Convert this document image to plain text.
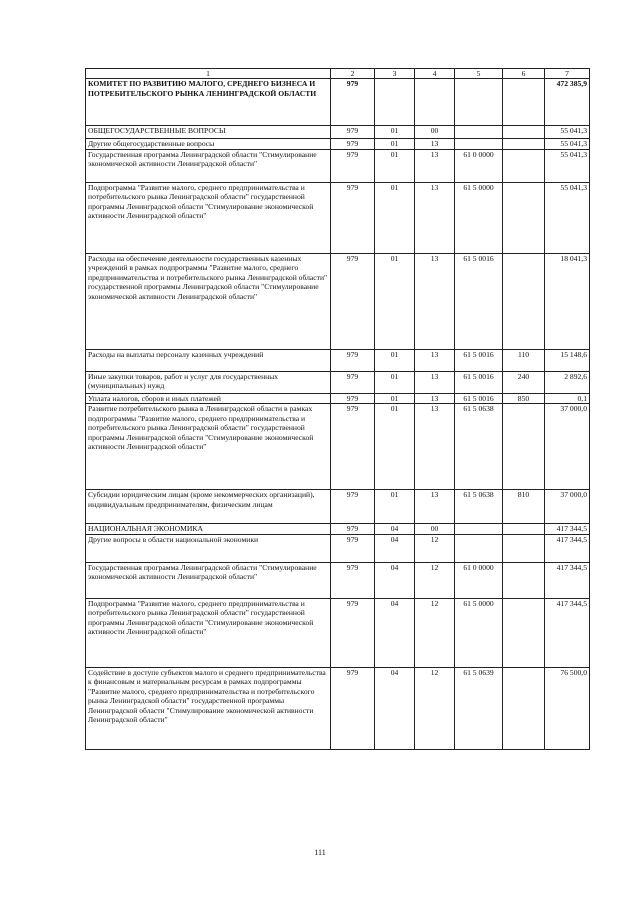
1	2	3	4	5	6	7
КОМИТЕТ ПО РАЗВИТИЮ МАЛОГО, СРЕДНЕГО БИЗНЕСА И ПОТРЕБИТЕЛЬСКОГО РЫНКА ЛЕНИНГРАДСКОЙ ОБЛАСТИ	979					472 385,9
ОБЩЕГОСУДАРСТВЕННЫЕ ВОПРОСЫ	979	01	00			55 041,3
Другие общегосударственные вопросы	979	01	13			55 041,3
Государственная программа Ленинградской области "Стимулирование экономической активности Ленинградской области"	979	01	13	61 0 0000		55 041,3
Подпрограмма "Развитие малого, среднего предпринимательства и потребительского рынка Ленинградской области" государственной программы Ленинградской области "Стимулирование экономической активности Ленинградской области"	979	01	13	61 5 0000		55 041,3
Расходы на обеспечение деятельности государственных казенных учреждений в рамках подпрограммы "Развитие малого, среднего предпринимательства и потребительского рынка Ленинградской области" государственной программы Ленинградской области "Стимулирование экономической активности Ленинградской области"	979	01	13	61 5 0016		18 041,3
Расходы на выплаты персоналу казенных учреждений	979	01	13	61 5 0016	110	15 148,6
Иные закупки товаров, работ и услуг для государственных (муниципальных) нужд	979	01	13	61 5 0016	240	2 892,6
Уплата налогов, сборов и иных платежей	979	01	13	61 5 0016	850	0,1
Развитие потребительского рынка в Ленинградской области в рамках подпрограммы "Развитие малого, среднего предпринимательства и потребительского рынка Ленинградской области" государственной программы Ленинградской области "Стимулирование экономической активности Ленинградской области"	979	01	13	61 5 0638		37 000,0
Субсидии юридическим лицам (кроме некоммерческих организаций), индивидуальным предпринимателям, физическим лицам	979	01	13	61 5 0638	810	37 000,0
НАЦИОНАЛЬНАЯ ЭКОНОМИКА	979	04	00			417 344,5
Другие вопросы в области национальной экономики	979	04	12			417 344,5
Государственная программа Ленинградской области "Стимулирование экономической активности Ленинградской области"	979	04	12	61 0 0000		417 344,5
Подпрограмма "Развитие малого, среднего предпринимательства и потребительского рынка Ленинградской области" государственной программы Ленинградской области "Стимулирование экономической активности Ленинградской области"	979	04	12	61 5 0000		417 344,5
Содействие в доступе субъектов малого и среднего предпринимательства к финансовым и материальным ресурсам в рамках подпрограммы "Развитие малого, среднего предпринимательства и потребительского рынка Ленинградской области" государственной программы Ленинградской области "Стимулирование экономической активности Ленинградской области"	979	04	12	61 5 0639		76 500,0
111
